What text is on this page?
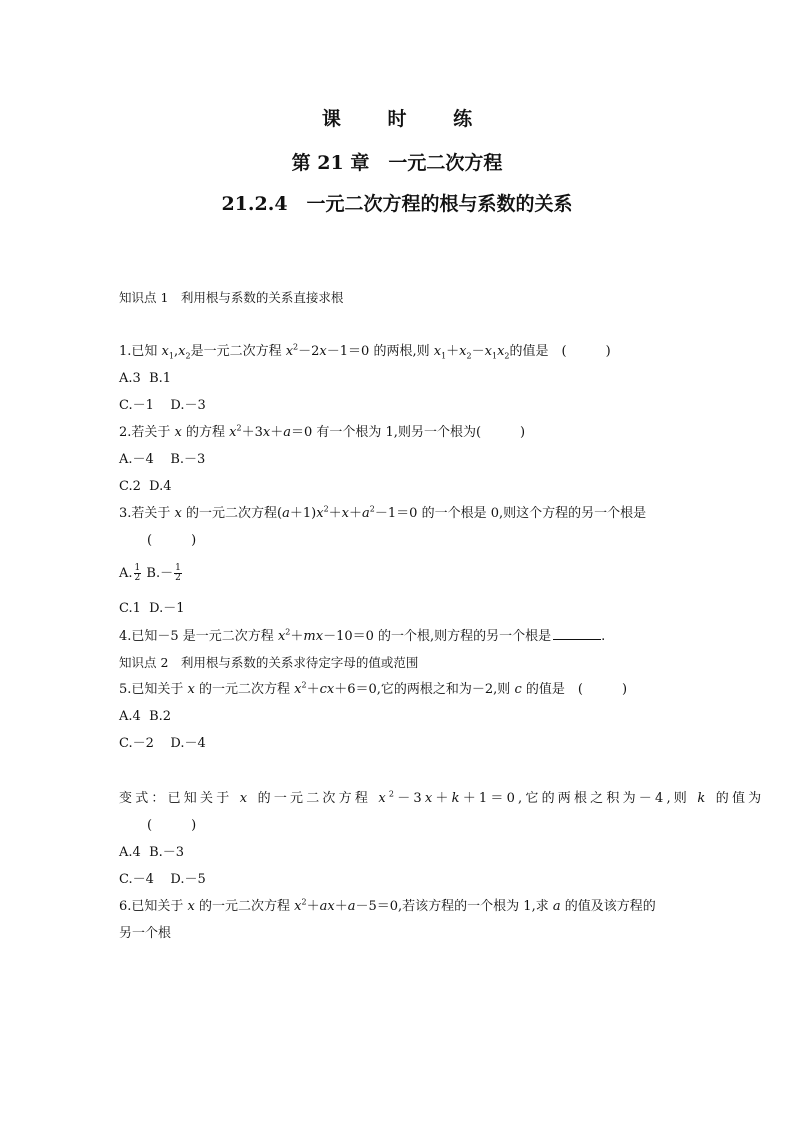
课 时 练
第 21 章　一元二次方程
21.2.4　一元二次方程的根与系数的关系
知识点 1　利用根与系数的关系直接求根
1.已知 $x_1,x_2$是一元二次方程 $x^2-2x-1=0$ 的两根,则 $x_1+x_2-x_1x_2$的值是　(　　　)
A.3 B.1
C.－1 D.－3
2.若关于 x 的方程 $x^2+3x+a=0$ 有一个根为 1,则另一个根为(　　　)
A.－4 B.－3
C.2 D.4
3.若关于 x 的一元二次方程$(a+1)x^2+x+a^2-1=0$ 的一个根是 0,则这个方程的另一个根是
(　　　)
A. $\frac{1}{2} B.- \frac{1}{2}$
C.1 D.－1
4.已知－5 是一元二次方程 $x^2+mx-10=0$ 的一个根,则方程的另一个根是	.
知识点 2　利用根与系数的关系求待定字母的值或范围
5.已知关于 x 的一元二次方程 $x^2+cx+6=0$,它的两根之和为－2,则 c 的值是　(　　　)
A.4 B.2
C.－2 D.－4
变式：已知关于 x 的一元二次方程 $x^2-3x+k+1=0$,它的两根之积为－4,则 k 的值为
(　　　)
A.4 B.－3
C.－4 D.－5
6.已知关于 x 的一元二次方程 $x^2+ax+a-5=0$,若该方程的一个根为 1,求 a 的值及该方程的
另一个根
